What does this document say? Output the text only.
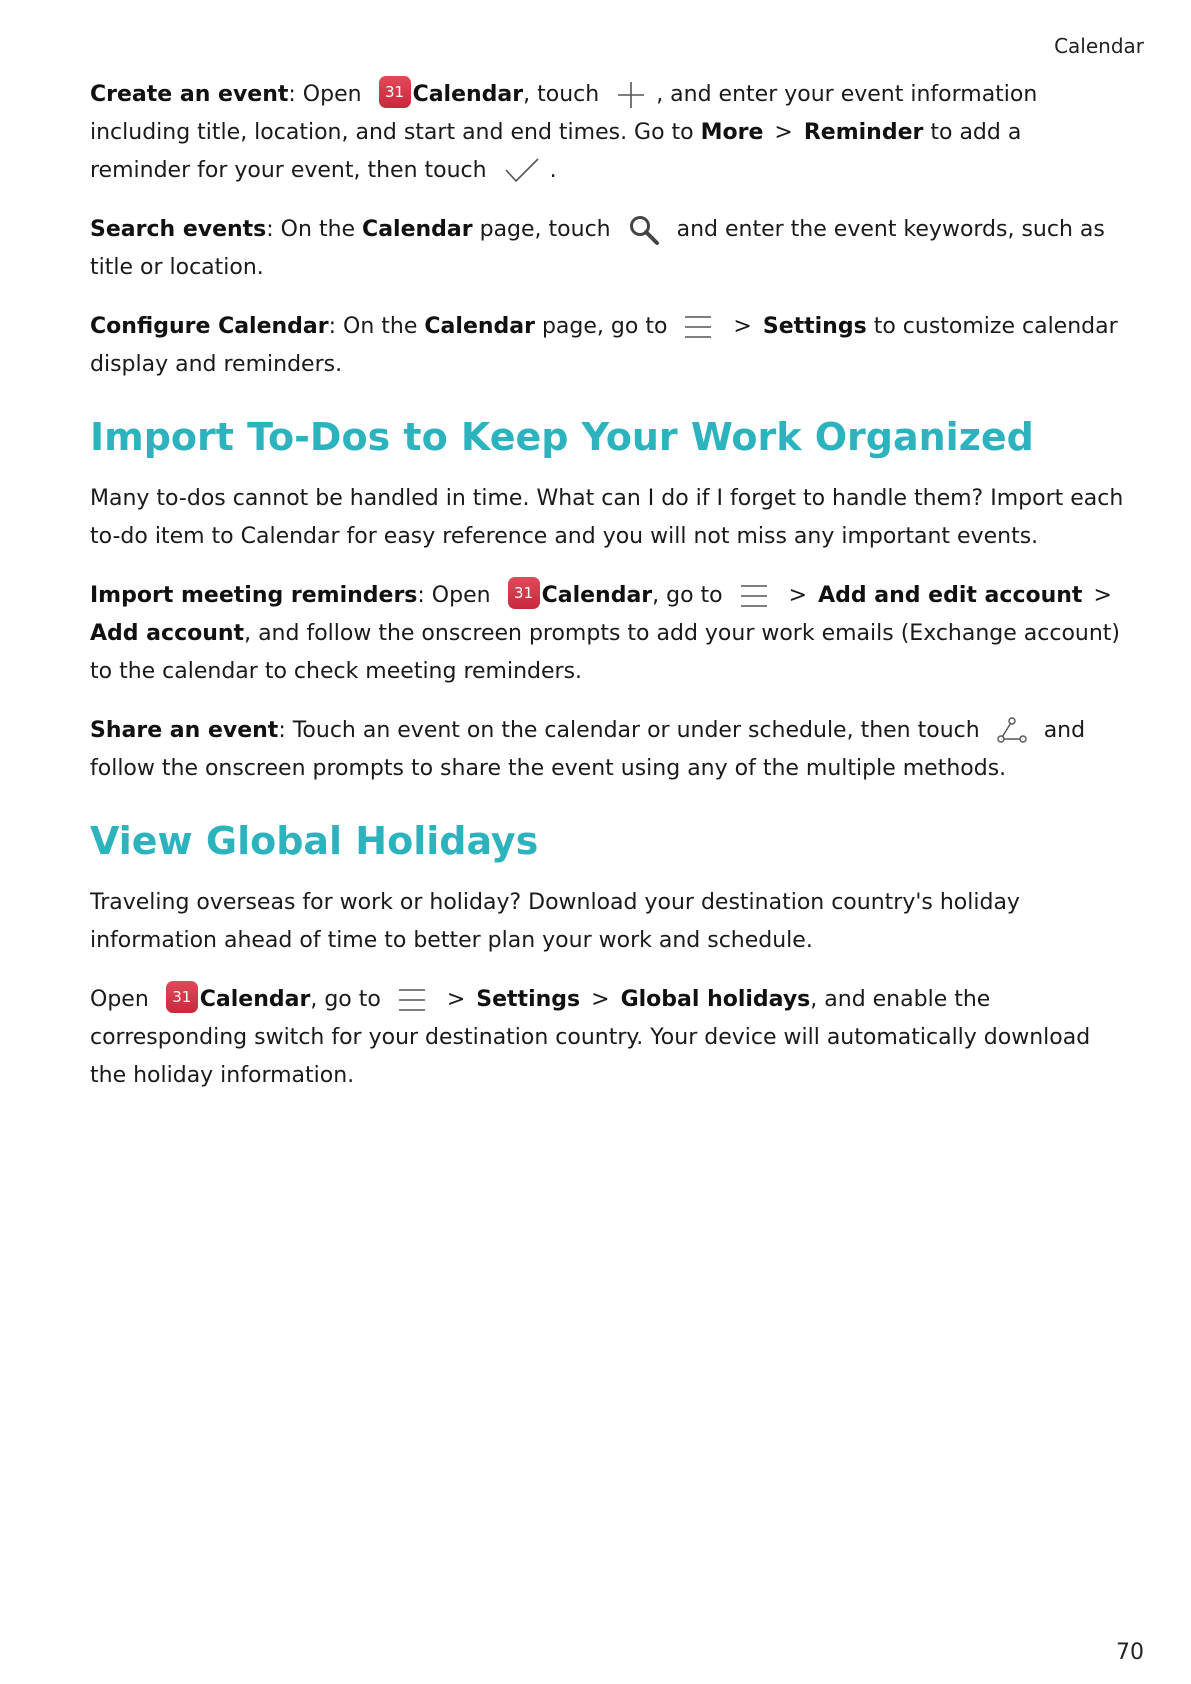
Calendar

Create an event: Open 31 Calendar, touch	, and enter your event information including title, location, and start and end times. Go to More > Reminder to add a reminder for your event, then touch	.

Search events: On the Calendar page, touch	and enter the event keywords, such as title or location.

Configure Calendar: On the Calendar page, go to	> Settings to customize calendar display and reminders.

Import To-Dos to Keep Your Work Organized

Many to-dos cannot be handled in time. What can I do if I forget to handle them? Import each to-do item to Calendar for easy reference and you will not miss any important events.

Import meeting reminders: Open 31 Calendar, go to	> Add and edit account > Add account, and follow the onscreen prompts to add your work emails (Exchange account) to the calendar to check meeting reminders.

Share an event: Touch an event on the calendar or under schedule, then touch	and follow the onscreen prompts to share the event using any of the multiple methods.

View Global Holidays

Traveling overseas for work or holiday? Download your destination country's holiday information ahead of time to better plan your work and schedule.

Open 31 Calendar, go to	> Settings > Global holidays, and enable the corresponding switch for your destination country. Your device will automatically download the holiday information.

70
